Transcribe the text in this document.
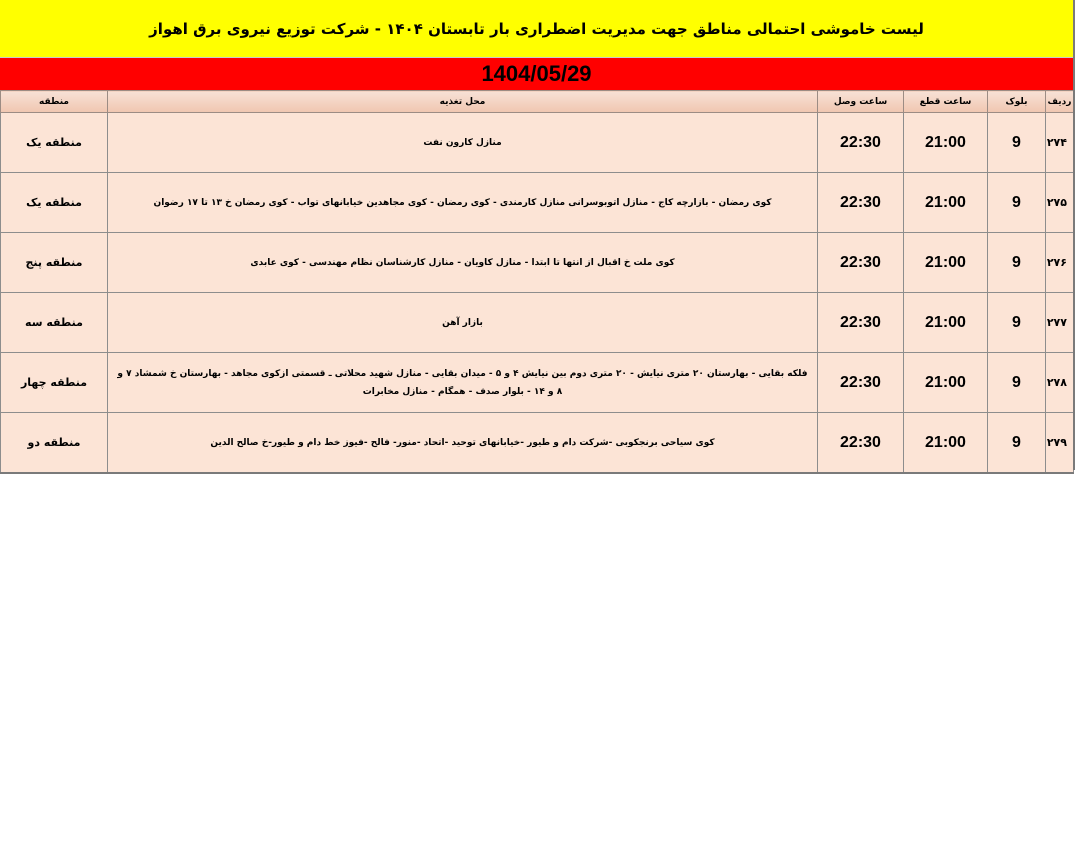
لیست خاموشی احتمالی مناطق جهت مدیریت اضطراری بار تابستان ۱۴۰۴ - شرکت توزیع نیروی برق اهواز
1404/05/29
ردیف	بلوک	ساعت قطع	ساعت وصل	محل تغذیه	منطقه
۲۷۴	9	21:00	22:30	منازل کارون نفت	منطقه یک
۲۷۵	9	21:00	22:30	کوی رمضان - بازارچه کاج - منازل اتوبوسرانی منازل کارمندی - کوی رمضان - کوی مجاهدین خیابانهای تواب - کوی رمضان خ ۱۳ تا ۱۷ رضوان	منطقه یک
۲۷۶	9	21:00	22:30	کوی ملت خ اقبال از انتها تا ابتدا - منازل کاویان - منازل کارشناسان نظام مهندسی - کوی عابدی	منطقه پنج
۲۷۷	9	21:00	22:30	بازار آهن	منطقه سه
۲۷۸	9	21:00	22:30	فلکه بقایی - بهارستان ۲۰ متری نیایش - ۲۰ متری دوم بین نیایش ۴ و ۵ - میدان بقایی - منازل شهید محلاتی ـ قسمتی ازکوی مجاهد - بهارستان خ شمشاد ۷ و ۸ و ۱۴ - بلوار صدف - همگام - منازل مخابرات	منطقه چهار
۲۷۹	9	21:00	22:30	کوی سیاحی برنجکوبی -شرکت دام و طیور -خیابانهای توحید -اتحاد -منور- فالح -فیوز خط دام و طیور-خ صالح الدین	منطقه دو
